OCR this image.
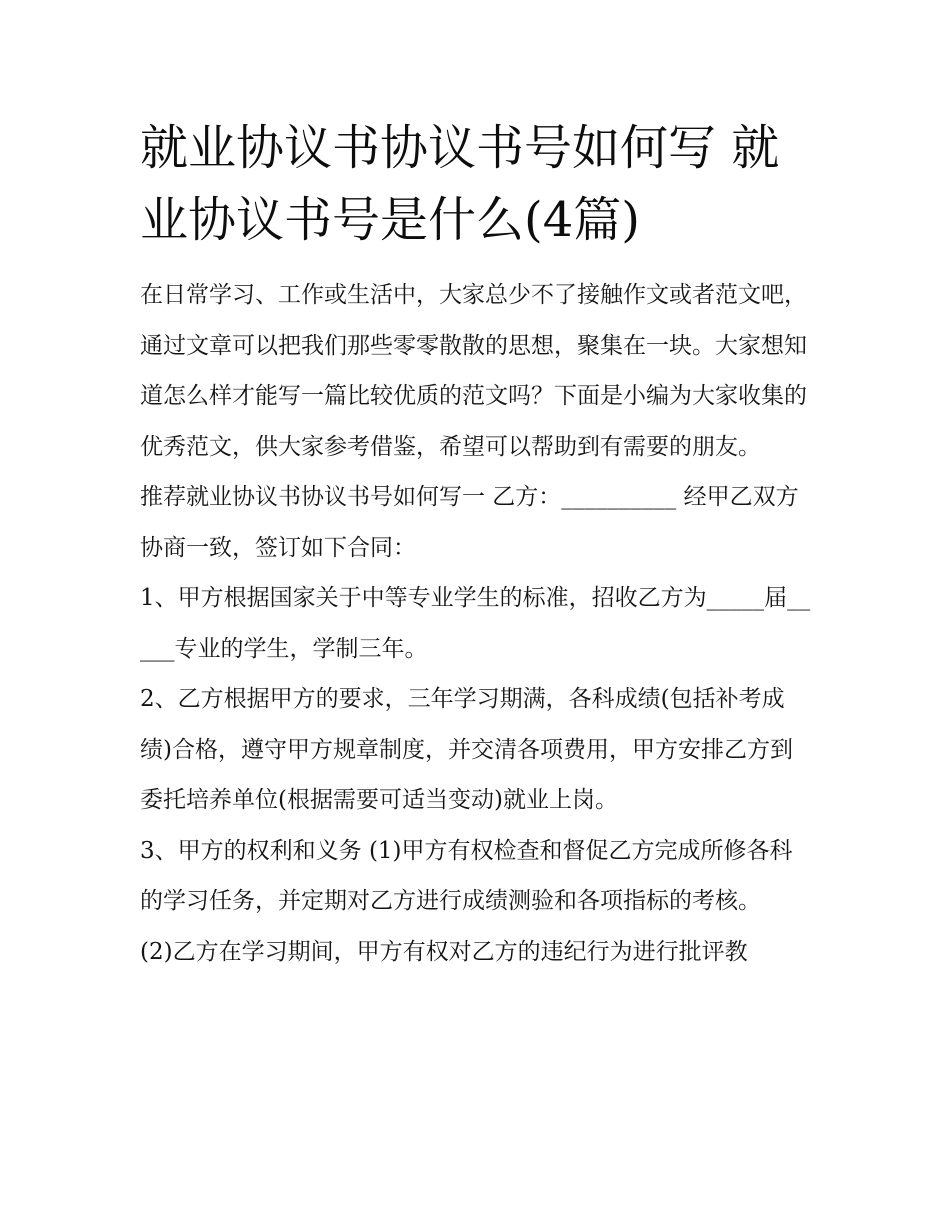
就业协议书协议书号如何写 就业协议书号是什么(4篇)

在日常学习、工作或生活中，大家总少不了接触作文或者范文吧，通过文章可以把我们那些零零散散的思想，聚集在一块。大家想知道怎么样才能写一篇比较优质的范文吗？下面是小编为大家收集的优秀范文，供大家参考借鉴，希望可以帮助到有需要的朋友。

推荐就业协议书协议书号如何写一 乙方：__________ 经甲乙双方协商一致，签订如下合同：

1、甲方根据国家关于中等专业学生的标准，招收乙方为_____届_____专业的学生，学制三年。

2、乙方根据甲方的要求，三年学习期满，各科成绩(包括补考成绩)合格，遵守甲方规章制度，并交清各项费用，甲方安排乙方到委托培养单位(根据需要可适当变动)就业上岗。

3、甲方的权利和义务 (1)甲方有权检查和督促乙方完成所修各科的学习任务，并定期对乙方进行成绩测验和各项指标的考核。

(2)乙方在学习期间，甲方有权对乙方的违纪行为进行批评教
